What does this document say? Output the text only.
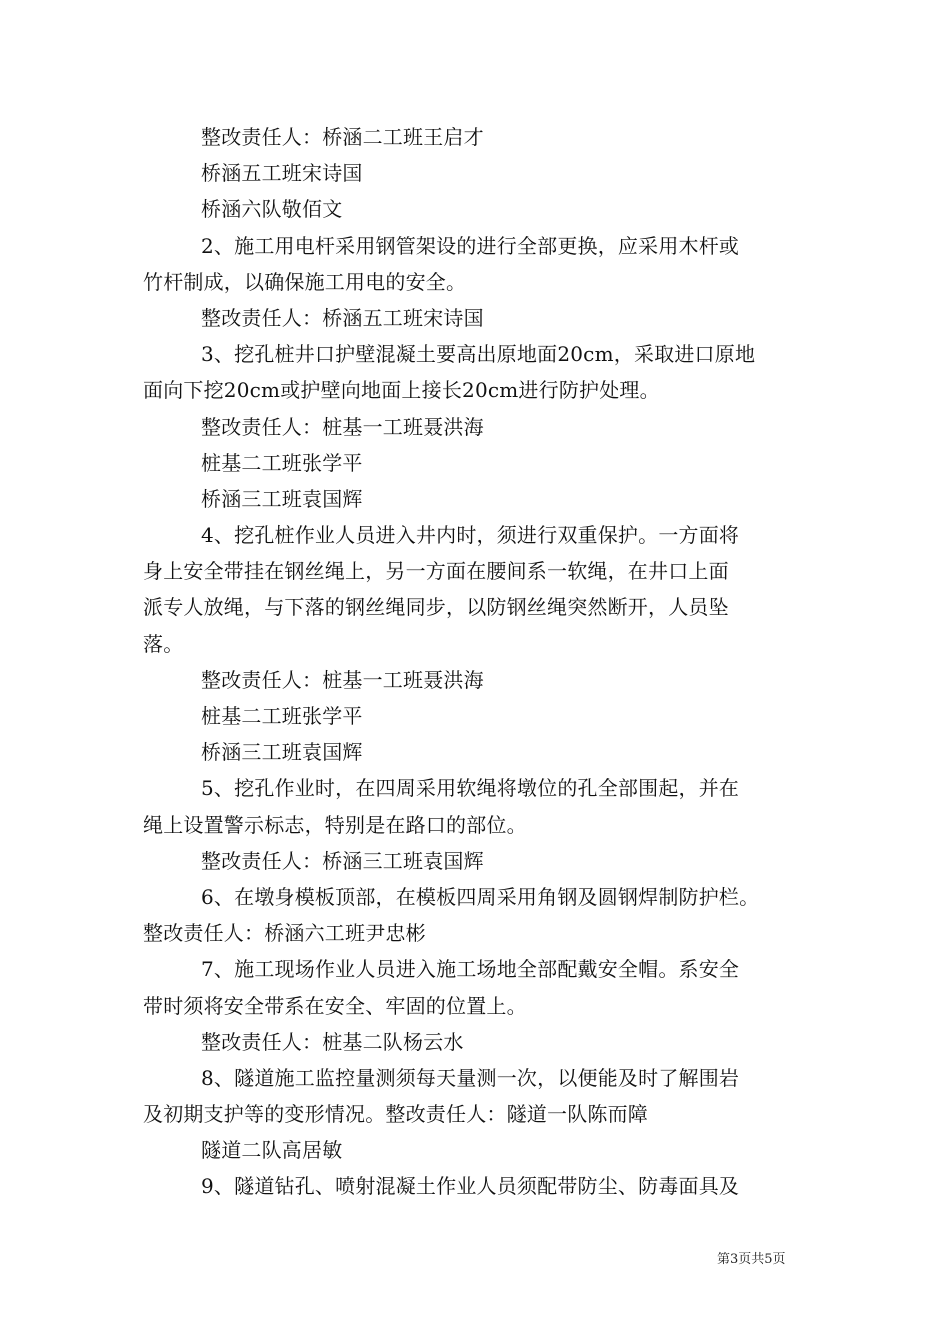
整改责任人：桥涵二工班王启才
桥涵五工班宋诗国
桥涵六队敬佰文
2、施工用电杆采用钢管架设的进行全部更换，应采用木杆或
竹杆制成，以确保施工用电的安全。
整改责任人：桥涵五工班宋诗国
3、挖孔桩井口护壁混凝土要高出原地面20cm，采取进口原地
面向下挖20cm或护壁向地面上接长20cm进行防护处理。
整改责任人：桩基一工班聂洪海
桩基二工班张学平
桥涵三工班袁国辉
4、挖孔桩作业人员进入井内时，须进行双重保护。一方面将
身上安全带挂在钢丝绳上，另一方面在腰间系一软绳，在井口上面
派专人放绳，与下落的钢丝绳同步，以防钢丝绳突然断开，人员坠
落。
整改责任人：桩基一工班聂洪海
桩基二工班张学平
桥涵三工班袁国辉
5、挖孔作业时，在四周采用软绳将墩位的孔全部围起，并在
绳上设置警示标志，特别是在路口的部位。
整改责任人：桥涵三工班袁国辉
6、在墩身模板顶部，在模板四周采用角钢及圆钢焊制防护栏。
整改责任人：桥涵六工班尹忠彬
7、施工现场作业人员进入施工场地全部配戴安全帽。系安全
带时须将安全带系在安全、牢固的位置上。
整改责任人：桩基二队杨云水
8、隧道施工监控量测须每天量测一次，以便能及时了解围岩
及初期支护等的变形情况。整改责任人：隧道一队陈而障
隧道二队高居敏
9、隧道钻孔、喷射混凝土作业人员须配带防尘、防毒面具及
第3页共5页
